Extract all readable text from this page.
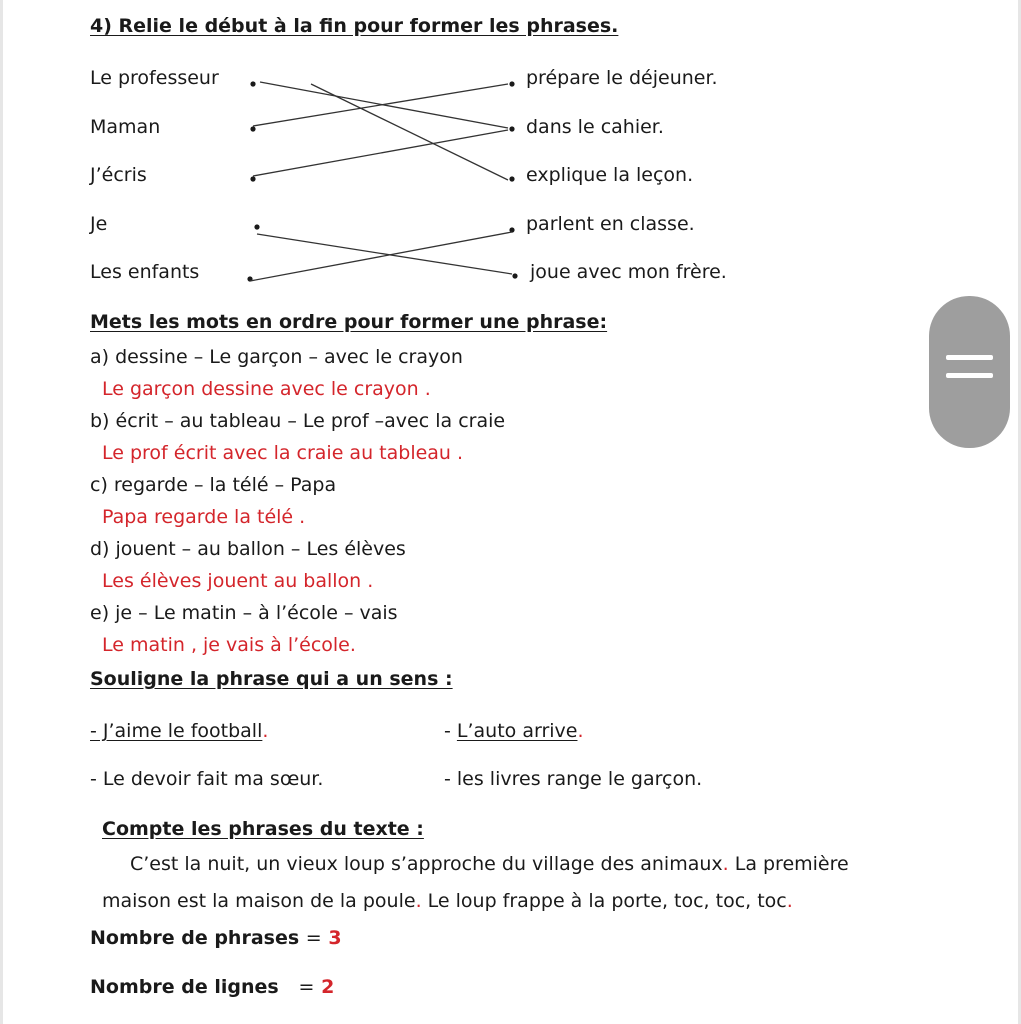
4) Relie le début à la fin pour former les phrases.
Le professeur
Maman
J’écris
Je
Les enfants
prépare le déjeuner.
dans le cahier.
explique la leçon.
parlent en classe.
joue avec mon frère.
Mets les mots en ordre pour former une phrase:
a) dessine – Le garçon – avec le crayon
Le garçon dessine avec le crayon .
b) écrit – au tableau – Le prof –avec la craie
Le prof écrit avec la craie au tableau .
c) regarde – la télé – Papa
Papa regarde la télé .
d) jouent – au ballon – Les élèves
Les élèves jouent au ballon .
e) je – Le matin – à l’école – vais
Le matin , je vais à l’école.
Souligne la phrase qui a un sens :
- J’aime le football.	- L’auto arrive.
- Le devoir fait ma sœur.	- les livres range le garçon.
Compte les phrases du texte :
C’est la nuit, un vieux loup s’approche du village des animaux. La première
maison est la maison de la poule. Le loup frappe à la porte, toc, toc, toc.
Nombre de phrases = 3
Nombre de lignes = 2
